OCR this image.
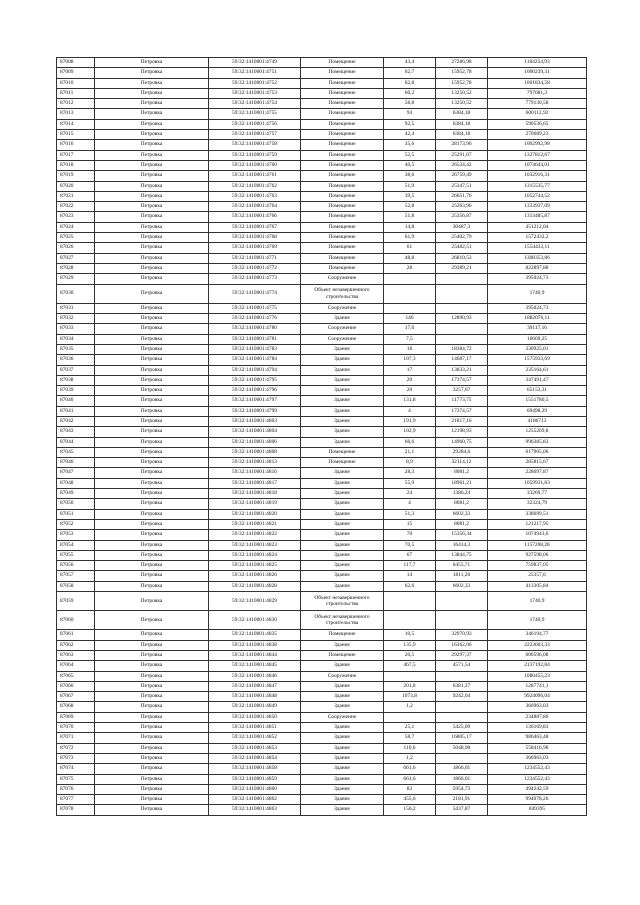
87008	Петровка	59:32:1410001:4749	Помещение	43,4	27286,98	1184254,93
87009	Петровка	59:32:1410001:4751	Помещение	62,7	15952,78	1000239,31
87010	Петровка	59:32:1410001:4752	Помещение	62,8	15952,78	1001834,58
87011	Петровка	59:32:1410001:4753	Помещение	60,2	13250,52	797681,3
87012	Петровка	59:32:1410001:4754	Помещение	58,8	13250,52	779130,58
87013	Петровка	59:32:1410001:4755	Помещение	94	6384,18	600112,92
87014	Петровка	59:32:1410001:4756	Помещение	92,5	6384,18	590536,65
87015	Петровка	59:32:1410001:4757	Помещение	42,4	6384,18	270689,23
87016	Петровка	59:32:1410001:4758	Помещение	35,6	28173,96	1002992,98
87017	Петровка	59:32:1410001:4759	Помещение	52,5	25291,67	1327812,67
87018	Петровка	59:32:1410001:4760	Помещение	40,5	26534,42	1074644,01
87019	Петровка	59:32:1410001:4761	Помещение	38,6	26759,49	1032916,31
87020	Петровка	59:32:1410001:4762	Помещение	51,9	25347,51	1315535,77
87021	Петровка	59:32:1410001:4763	Помещение	39,5	26651,76	1052744,52
87022	Петровка	59:32:1410001:4764	Помещение	52,8	25263,96	1333937,09
87023	Петровка	59:32:1410001:4766	Помещение	51,8	25356,87	1313485,87
87024	Петровка	59:32:1410001:4767	Помещение	14,8	30487,3	451212,04
87025	Петровка	59:32:1410001:4768	Помещение	61,9	25402,79	1572432,2
87026	Петровка	59:32:1410001:4769	Помещение	61	25482,51	1554433,11
87027	Петровка	59:32:1410001:4771	Помещение	48,8	26810,53	1308353,86
87028	Петровка	59:32:1410001:4772	Помещение	28	29389,21	822897,88
87029	Петровка	59:32:1410001:4773	Сооружение			395024,73
87030	Петровка	59:32:1410001:4774	Объект незавершенного строительства			1740,9
87031	Петровка	59:32:1410001:4775	Сооружение			395024,73
87032	Петровка	59:32:1410001:4776	Здание	146	12890,93	1882076,11
87033	Петровка	59:32:1410001:4780	Сооружение	17,6		39117,16
87034	Петровка	59:32:1410001:4781	Сооружение	7,5		16669,25
87035	Петровка	59:32:1410001:4783	Здание	18	18384,72	330925,01
87036	Петровка	59:32:1410001:4784	Здание	107,3	14687,17	1575933,69
87037	Петровка	59:32:1410001:4794	Здание	17	13833,21	235164,61
87038	Петровка	59:32:1410001:4795	Здание	20	17374,57	347491,47
87039	Петровка	59:32:1410001:4796	Здание	20	3257,67	65153,31
87040	Петровка	59:32:1410001:4797	Здание	131,8	11773,75	1551780,5
87041	Петровка	59:32:1410001:4799	Здание	4	17374,57	69498,29
87042	Петровка	59:32:1410001:4803	Здание	191,9	21817,16	4186713
87043	Петровка	59:32:1410001:4804	Здание	102,9	12198,93	1255269,8
87044	Петровка	59:32:1410001:4806	Здание	66,6	14960,75	996385,83
87045	Петровка	59:32:1410001:4808	Помещение	21,1	29284,6	617905,06
87046	Петровка	59:32:1410001:4813	Помещение	8,9	32114,12	285815,67
87047	Петровка	59:32:1410001:4816	Здание	28,3	8081,2	228697,87
87048	Петровка	59:32:1410001:4817	Здание	55,9	18961,21	1059931,83
87049	Петровка	59:32:1410001:4818	Здание	24	1386,24	33269,77
87050	Петровка	59:32:1410001:4819	Здание	4	8081,2	32324,79
87051	Петровка	59:32:1410001:4820	Здание	51,3	6602,33	338699,51
87052	Петровка	59:32:1410001:4821	Здание	15	8081,2	121217,95
87053	Петровка	59:32:1410001:4822	Здание	70	15356,34	1074943,6
87054	Петровка	59:32:1410001:4823	Здание	70,5	16414,3	1157208,28
87055	Петровка	59:32:1410001:4824	Здание	67	13844,75	927598,06
87056	Петровка	59:32:1410001:4825	Здание	117,7	6455,71	759837,05
87057	Петровка	59:32:1410001:4826	Здание	14	1811,26	25357,6
87058	Петровка	59:32:1410001:4828	Здание	62,6	6602,33	413305,84
87059	Петровка	59:32:1410001:4829	Объект незавершенного строительства			1740,9
87060	Петровка	59:32:1410001:4830	Объект незавершенного строительства			1740,9
87061	Петровка	59:32:1410001:4835	Помещение	10,5	32970,93	346194,77
87062	Петровка	59:32:1410001:4838	Здание	135,9	16362,06	2223603,33
87063	Петровка	59:32:1410001:4844	Помещение	20,5	29297,37	600596,08
87064	Петровка	59:32:1410001:4845	Здание	467,5	4571,54	2137192,84
87065	Петровка	59:32:1410001:4846	Сооружение			1080455,23
87066	Петровка	59:32:1410001:4847	Здание	201,8	6381,27	1287741,1
87067	Петровка	59:32:1410001:4848	Здание	1073,8	9242,04	9924096,04
87068	Петровка	59:32:1410001:4849	Здание	1,2		366963,03
87069	Петровка	59:32:1410001:4850	Сооружение			234887,86
87070	Петровка	59:32:1410001:4851	Здание	25,1	5425,09	136169,83
87071	Петровка	59:32:1410001:4852	Здание	58,7	16805,17	986463,48
87072	Петровка	59:32:1410001:4853	Здание	110,6	5048,98	558416,98
87073	Петровка	59:32:1410001:4854	Здание	1,2		366963,03
87074	Петровка	59:32:1410001:4858	Здание	661,6	1866,01	1234552,43
87075	Петровка	59:32:1410001:4859	Здание	661,6	1866,01	1234552,43
87076	Петровка	59:32:1410001:4860	Здание	83	5954,73	494242,59
87077	Петровка	59:32:1410001:4862	Здание	455,6	2181,91	994078,26
87078	Петровка	59:32:1410001:4863	Здание	156,2	5437,87	849395
